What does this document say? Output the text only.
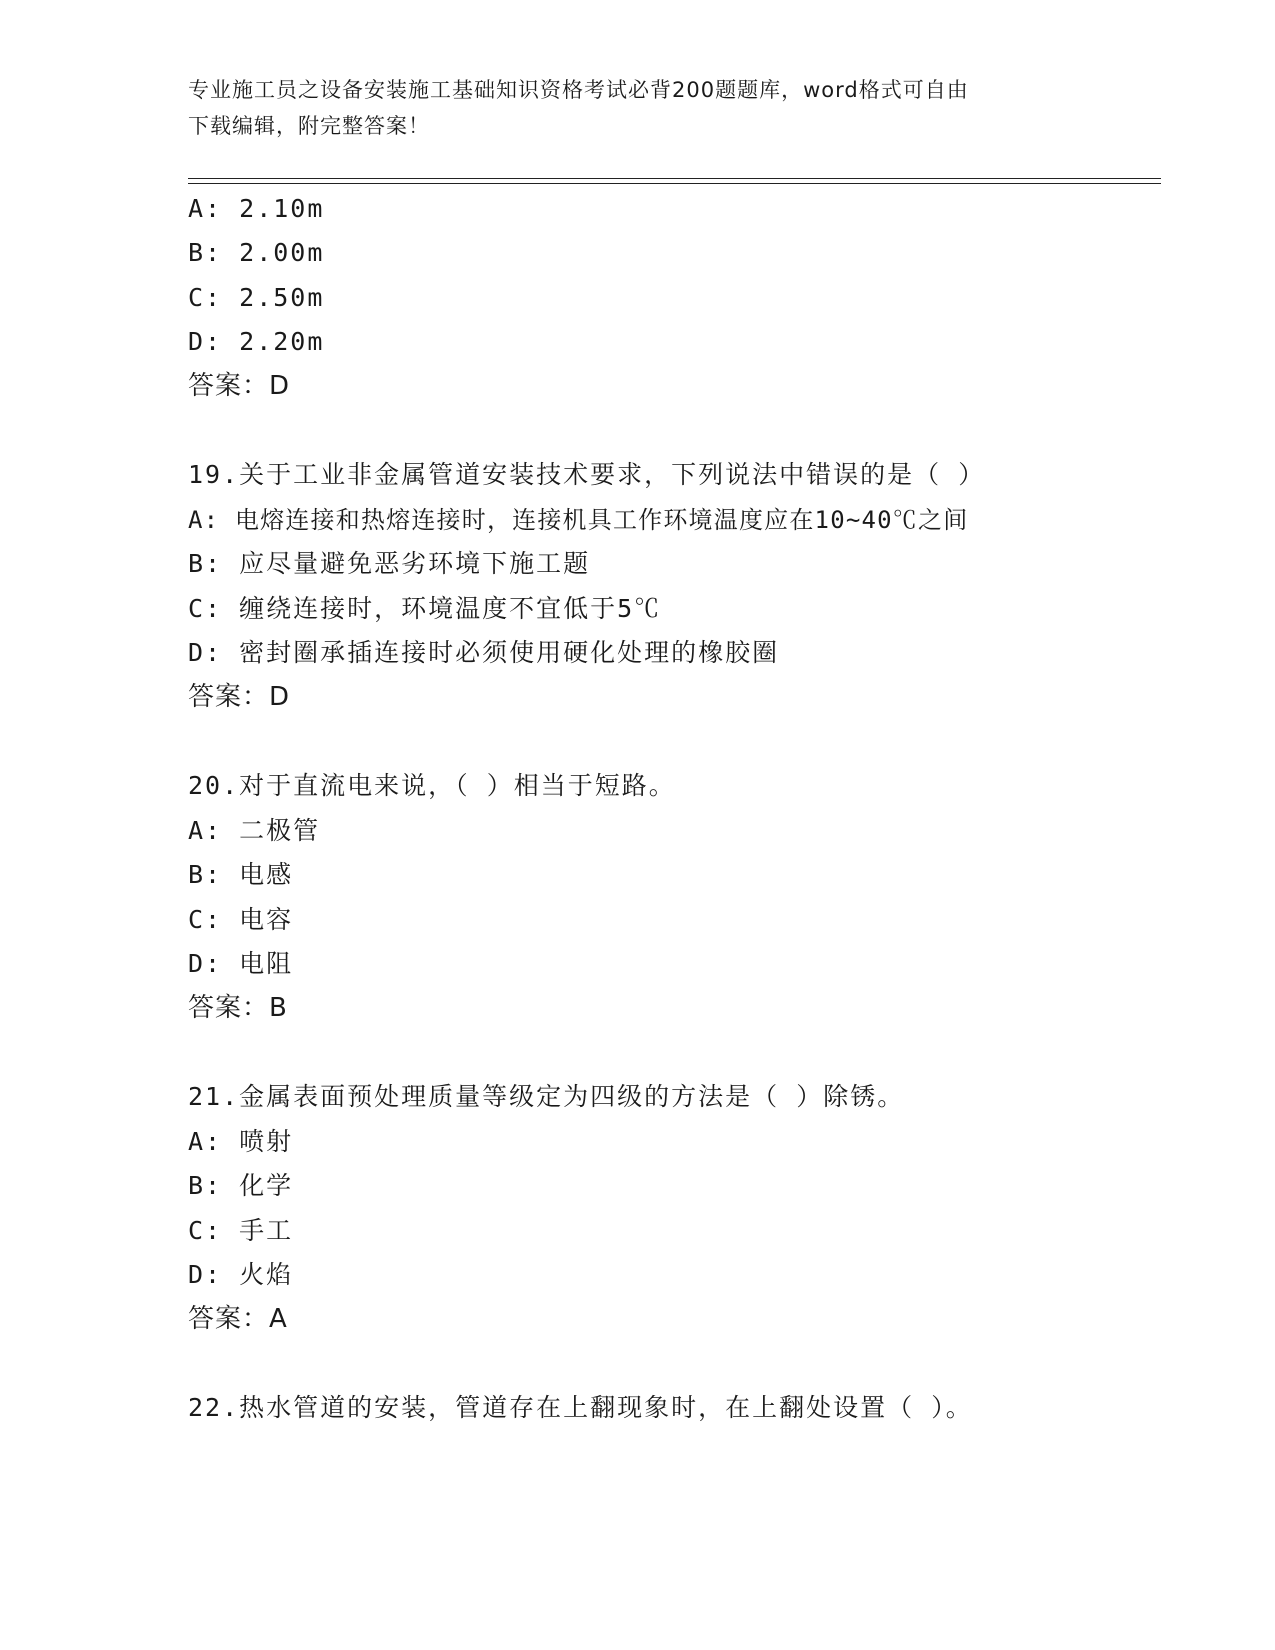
专业施工员之设备安装施工基础知识资格考试必背200题题库，word格式可自由
下载编辑，附完整答案！
A: 2.10m
B: 2.00m
C: 2.50m
D: 2.20m
答案：D
19.关于工业非金属管道安装技术要求，下列说法中错误的是（ ）
A: 电熔连接和热熔连接时，连接机具工作环境温度应在10~40℃之间
B: 应尽量避免恶劣环境下施工题
C: 缠绕连接时，环境温度不宜低于5℃
D: 密封圈承插连接时必须使用硬化处理的橡胶圈
答案：D
20.对于直流电来说，（ ）相当于短路。
A: 二极管
B: 电感
C: 电容
D: 电阻
答案：B
21.金属表面预处理质量等级定为四级的方法是（ ）除锈。
A: 喷射
B: 化学
C: 手工
D: 火焰
答案：A
22.热水管道的安装，管道存在上翻现象时，在上翻处设置（ ）。
